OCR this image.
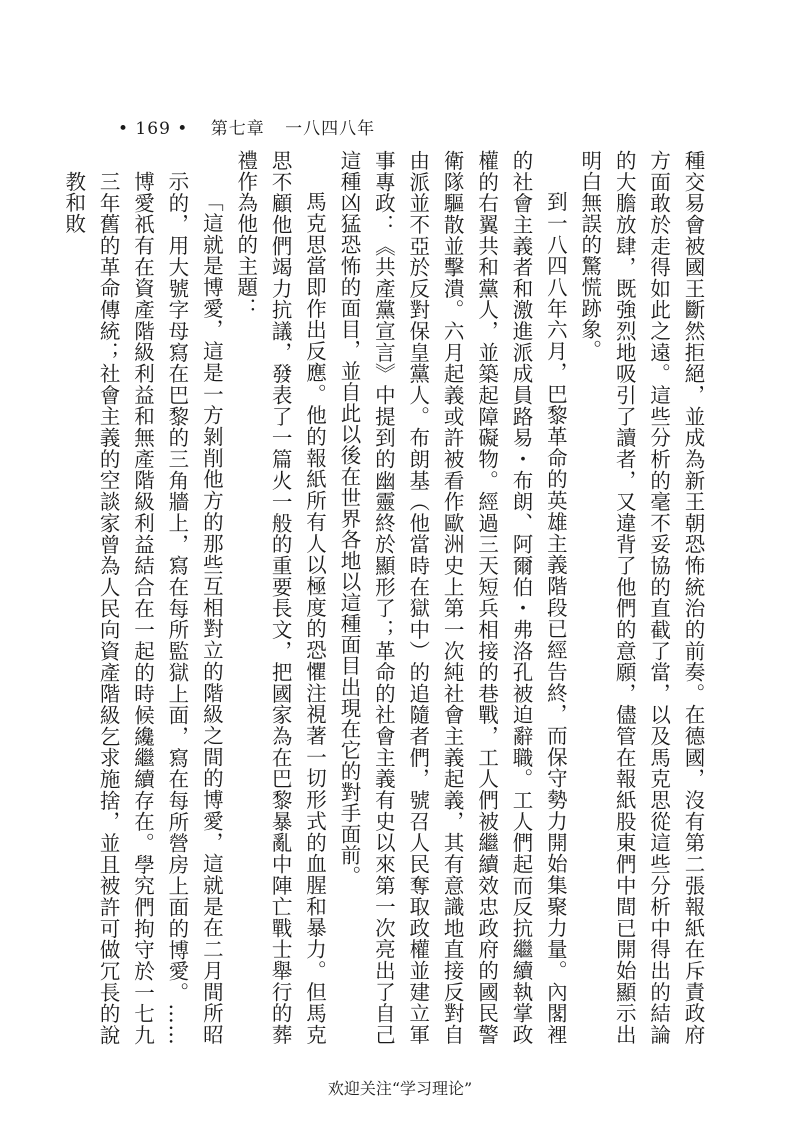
• 169 • 第七章 一八四八年

種交易會被國王斷然拒絕，並成為新王朝恐怖統治的前奏。在德國，沒有第二張報紙在斥責政府方面敢於走得如此之遠。這些分析的毫不妥協的直截了當，以及馬克思從這些分析中得出的結論的大膽放肆，既強烈地吸引了讀者，又違背了他們的意願，儘管在報紙股東們中間已開始顯示出明白無誤的驚慌跡象。

到一八四八年六月，巴黎革命的英雄主義階段已經告終，而保守勢力開始集聚力量。內閣裡的社會主義者和激進派成員路易・布朗、阿爾伯・弗洛孔被迫辭職。工人們起而反抗繼續執掌政權的右翼共和黨人，並築起障礙物。經過三天短兵相接的巷戰，工人們被繼續效忠政府的國民警衛隊驅散並擊潰。六月起義或許被看作歐洲史上第一次純社會主義起義，其有意識地直接反對自由派並不亞於反對保皇黨人。布朗基（他當時在獄中）的追隨者們，號召人民奪取政權並建立軍事專政：《共產黨宣言》中提到的幽靈終於顯形了；革命的社會主義有史以來第一次亮出了自己這種凶猛恐怖的面目，並自此以後在世界各地以這種面目出現在它的對手面前。

馬克思當即作出反應。他的報紙所有人以極度的恐懼注視著一切形式的血腥和暴力。但馬克思不顧他們竭力抗議，發表了一篇火一般的重要長文，把國家為在巴黎暴亂中陣亡戰士舉行的葬禮作為他的主題：

「這就是博愛，這是一方剝削他方的那些互相對立的階級之間的博愛，這就是在二月間所昭示的，用大號字母寫在巴黎的三角牆上，寫在每所監獄上面，寫在每所營房上面的博愛。……博愛祇有在資產階級利益和無產階級利益結合在一起的時候纔繼續存在。學究們拘守於一七九三年舊的革命傳統；社會主義的空談家曾為人民向資產階級乞求施捨，並且被許可做冗長的說教和敗

欢迎关注“学习理论”
